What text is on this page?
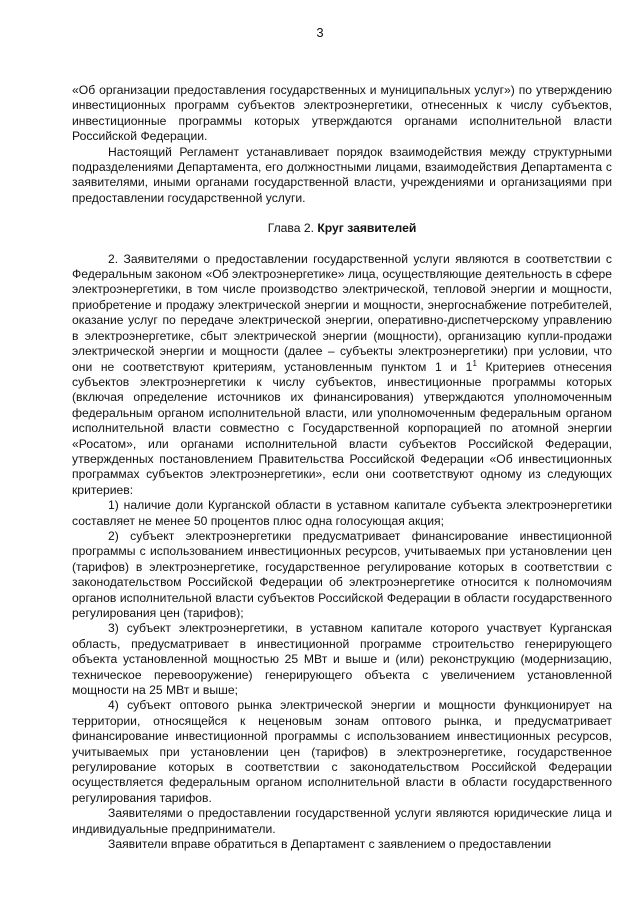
3

«Об организации предоставления государственных и муниципальных услуг») по утверждению инвестиционных программ субъектов электроэнергетики, отнесенных к числу субъектов, инвестиционные программы которых утверждаются органами исполнительной власти Российской Федерации.

Настоящий Регламент устанавливает порядок взаимодействия между структурными подразделениями Департамента, его должностными лицами, взаимодействия Департамента с заявителями, иными органами государственной власти, учреждениями и организациями при предоставлении государственной услуги.

Глава 2. Круг заявителей

2. Заявителями о предоставлении государственной услуги являются в соответствии с Федеральным законом «Об электроэнергетике» лица, осуществляющие деятельность в сфере электроэнергетики, в том числе производство электрической, тепловой энергии и мощности, приобретение и продажу электрической энергии и мощности, энергоснабжение потребителей, оказание услуг по передаче электрической энергии, оперативно-диспетчерскому управлению в электроэнергетике, сбыт электрической энергии (мощности), организацию купли-продажи электрической энергии и мощности (далее – субъекты электроэнергетики) при условии, что они не соответствуют критериям, установленным пунктом 1 и $1^1$ Критериев отнесения субъектов электроэнергетики к числу субъектов, инвестиционные программы которых (включая определение источников их финансирования) утверждаются уполномоченным федеральным органом исполнительной власти, или уполномоченным федеральным органом исполнительной власти совместно с Государственной корпорацией по атомной энергии «Росатом», или органами исполнительной власти субъектов Российской Федерации, утвержденных постановлением Правительства Российской Федерации «Об инвестиционных программах субъектов электроэнергетики», если они соответствуют одному из следующих критериев:

1) наличие доли Курганской области в уставном капитале субъекта электроэнергетики составляет не менее 50 процентов плюс одна голосующая акция;

2) субъект электроэнергетики предусматривает финансирование инвестиционной программы с использованием инвестиционных ресурсов, учитываемых при установлении цен (тарифов) в электроэнергетике, государственное регулирование которых в соответствии с законодательством Российской Федерации об электроэнергетике относится к полномочиям органов исполнительной власти субъектов Российской Федерации в области государственного регулирования цен (тарифов);

3) субъект электроэнергетики, в уставном капитале которого участвует Курганская область, предусматривает в инвестиционной программе строительство генерирующего объекта установленной мощностью 25 МВт и выше и (или) реконструкцию (модернизацию, техническое перевооружение) генерирующего объекта с увеличением установленной мощности на 25 МВт и выше;

4) субъект оптового рынка электрической энергии и мощности функционирует на территории, относящейся к неценовым зонам оптового рынка, и предусматривает финансирование инвестиционной программы с использованием инвестиционных ресурсов, учитываемых при установлении цен (тарифов) в электроэнергетике, государственное регулирование которых в соответствии с законодательством Российской Федерации осуществляется федеральным органом исполнительной власти в области государственного регулирования тарифов.

Заявителями о предоставлении государственной услуги являются юридические лица и индивидуальные предприниматели.

Заявители вправе обратиться в Департамент с заявлением о предоставлении
